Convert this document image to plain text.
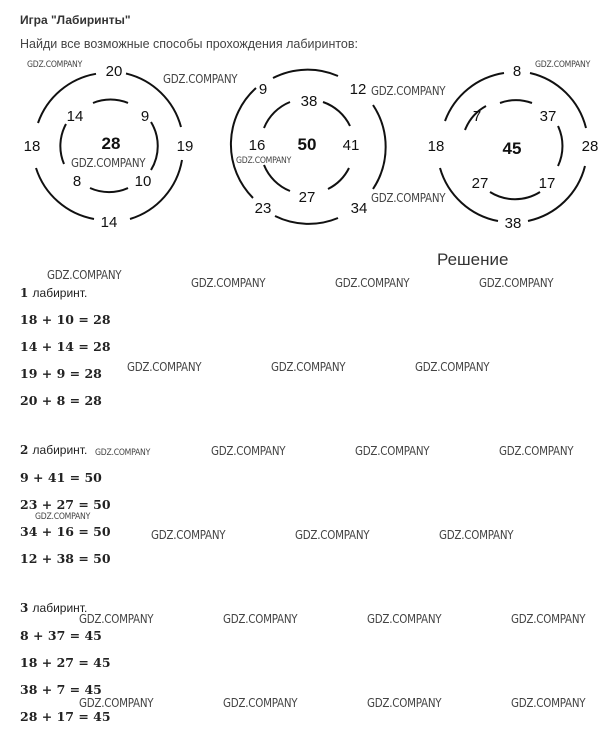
Игра "Лабиринты"
Найди все возможные способы прохождения лабиринтов:
28
20
19
14
18
14	9
10
8
50
9	12
34
23
38
41
27
16	45
8
28
38
18
7	37
17
27
Решение
1 лабиринт.
18 + 10 = 28
14 + 14 = 28
19 + 9 = 28
20 + 8 = 28
2 лабиринт.
9 + 41 = 50
23 + 27 = 50
34 + 16 = 50
12 + 38 = 50
3 лабиринт.
8 + 37 = 45
18 + 27 = 45
38 + 7 = 45
28 + 17 = 45
GDZ.COMPANY
GDZ.COMPANY
GDZ.COMPANY
GDZ.COMPANY
GDZ.COMPANY
GDZ.COMPANY
GDZ.COMPANY
GDZ.COMPANY
GDZ.COMPANY	GDZ.COMPANY	GDZ.COMPANY
GDZ.COMPANY	GDZ.COMPANY	GDZ.COMPANY
GDZ.COMPANY	GDZ.COMPANY	GDZ.COMPANY	GDZ.COMPANY
GDZ.COMPANY
GDZ.COMPANY	GDZ.COMPANY	GDZ.COMPANY
GDZ.COMPANY	GDZ.COMPANY	GDZ.COMPANY	GDZ.COMPANY
GDZ.COMPANY	GDZ.COMPANY	GDZ.COMPANY	GDZ.COMPANY
